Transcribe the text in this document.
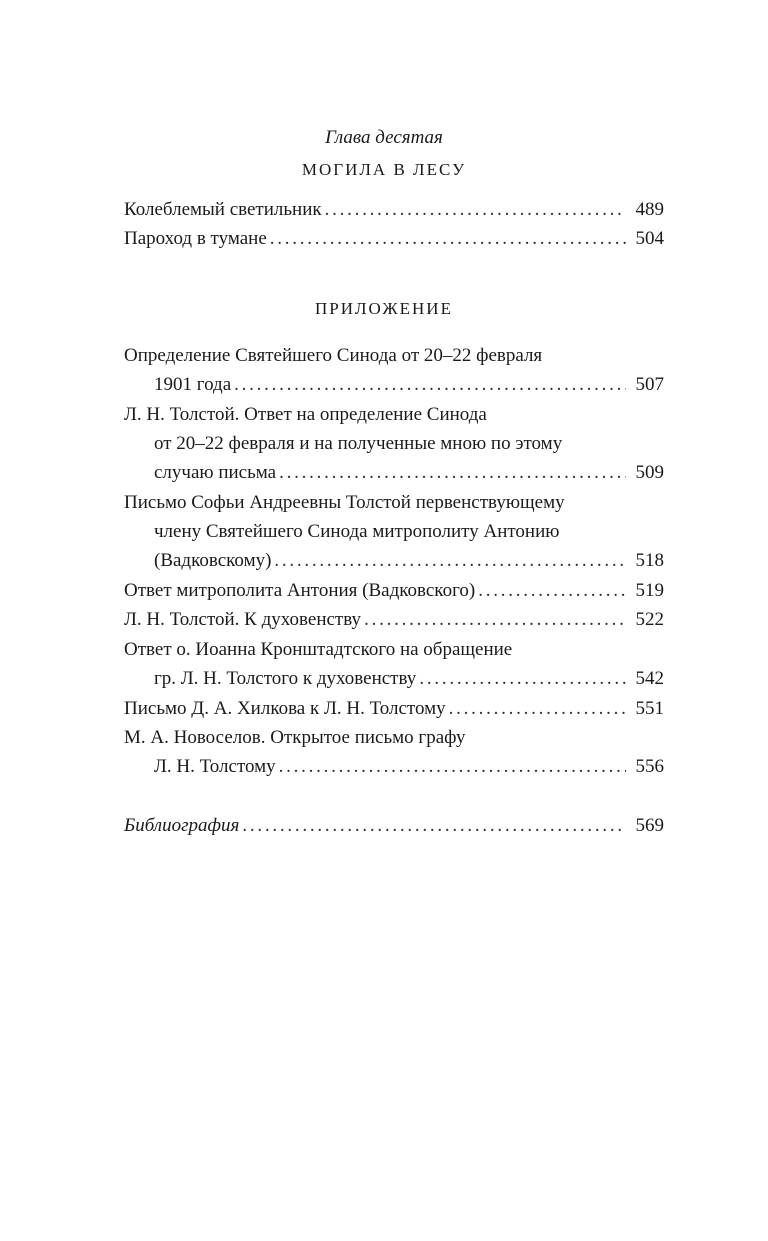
Глава десятая
МОГИЛА В ЛЕСУ
Колеблемый светильник . . .	489
Пароход в тумане . . .	504
ПРИЛОЖЕНИЕ
Определение Святейшего Синода от 20–22 февраля
1901 года . . .	507
Л. Н. Толстой. Ответ на определение Синода
от 20–22 февраля и на полученные мною по этому
случаю письма . . .	509
Письмо Софьи Андреевны Толстой первенствующему
члену Святейшего Синода митрополиту Антонию
(Вадковскому) . . .	518
Ответ митрополита Антония (Вадковского) . . .	519
Л. Н. Толстой. К духовенству . . .	522
Ответ о. Иоанна Кронштадтского на обращение
гр. Л. Н. Толстого к духовенству . . .	542
Письмо Д. А. Хилкова к Л. Н. Толстому . . .	551
М. А. Новоселов. Открытое письмо графу
Л. Н. Толстому . . .	556
Библиография . . .	569
